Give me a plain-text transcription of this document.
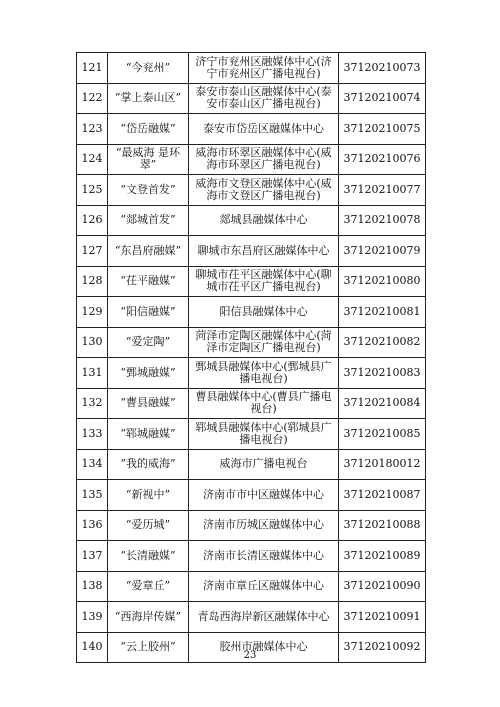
121	“今兖州”	济宁市兖州区融媒体中心(济宁市兖州区广播电视台)	37120210073
122	“掌上泰山区”	泰安市泰山区融媒体中心(泰安市泰山区广播电视台)	37120210074
123	“岱岳融媒”	泰安市岱岳区融媒体中心	37120210075
124	“最威海 是环翠”	威海市环翠区融媒体中心(威海市环翠区广播电视台)	37120210076
125	“文登首发”	威海市文登区融媒体中心(威海市文登区广播电视台)	37120210077
126	“郯城首发”	郯城县融媒体中心	37120210078
127	“东昌府融媒”	聊城市东昌府区融媒体中心	37120210079
128	“茌平融媒”	聊城市茌平区融媒体中心(聊城市茌平区广播电视台)	37120210080
129	“阳信融媒”	阳信县融媒体中心	37120210081
130	“爱定陶”	菏泽市定陶区融媒体中心(菏泽市定陶区广播电视台)	37120210082
131	“鄄城融媒”	鄄城县融媒体中心(鄄城县广播电视台)	37120210083
132	“曹县融媒”	曹县融媒体中心(曹县广播电视台)	37120210084
133	“郓城融媒”	郓城县融媒体中心(郓城县广播电视台)	37120210085
134	“我的威海”	威海市广播电视台	37120180012
135	“新视中”	济南市市中区融媒体中心	37120210087
136	“爱历城”	济南市历城区融媒体中心	37120210088
137	“长清融媒”	济南市长清区融媒体中心	37120210089
138	“爱章丘”	济南市章丘区融媒体中心	37120210090
139	“西海岸传媒”	青岛西海岸新区融媒体中心	37120210091
140	“云上胶州”	胶州市融媒体中心	37120210092
23
